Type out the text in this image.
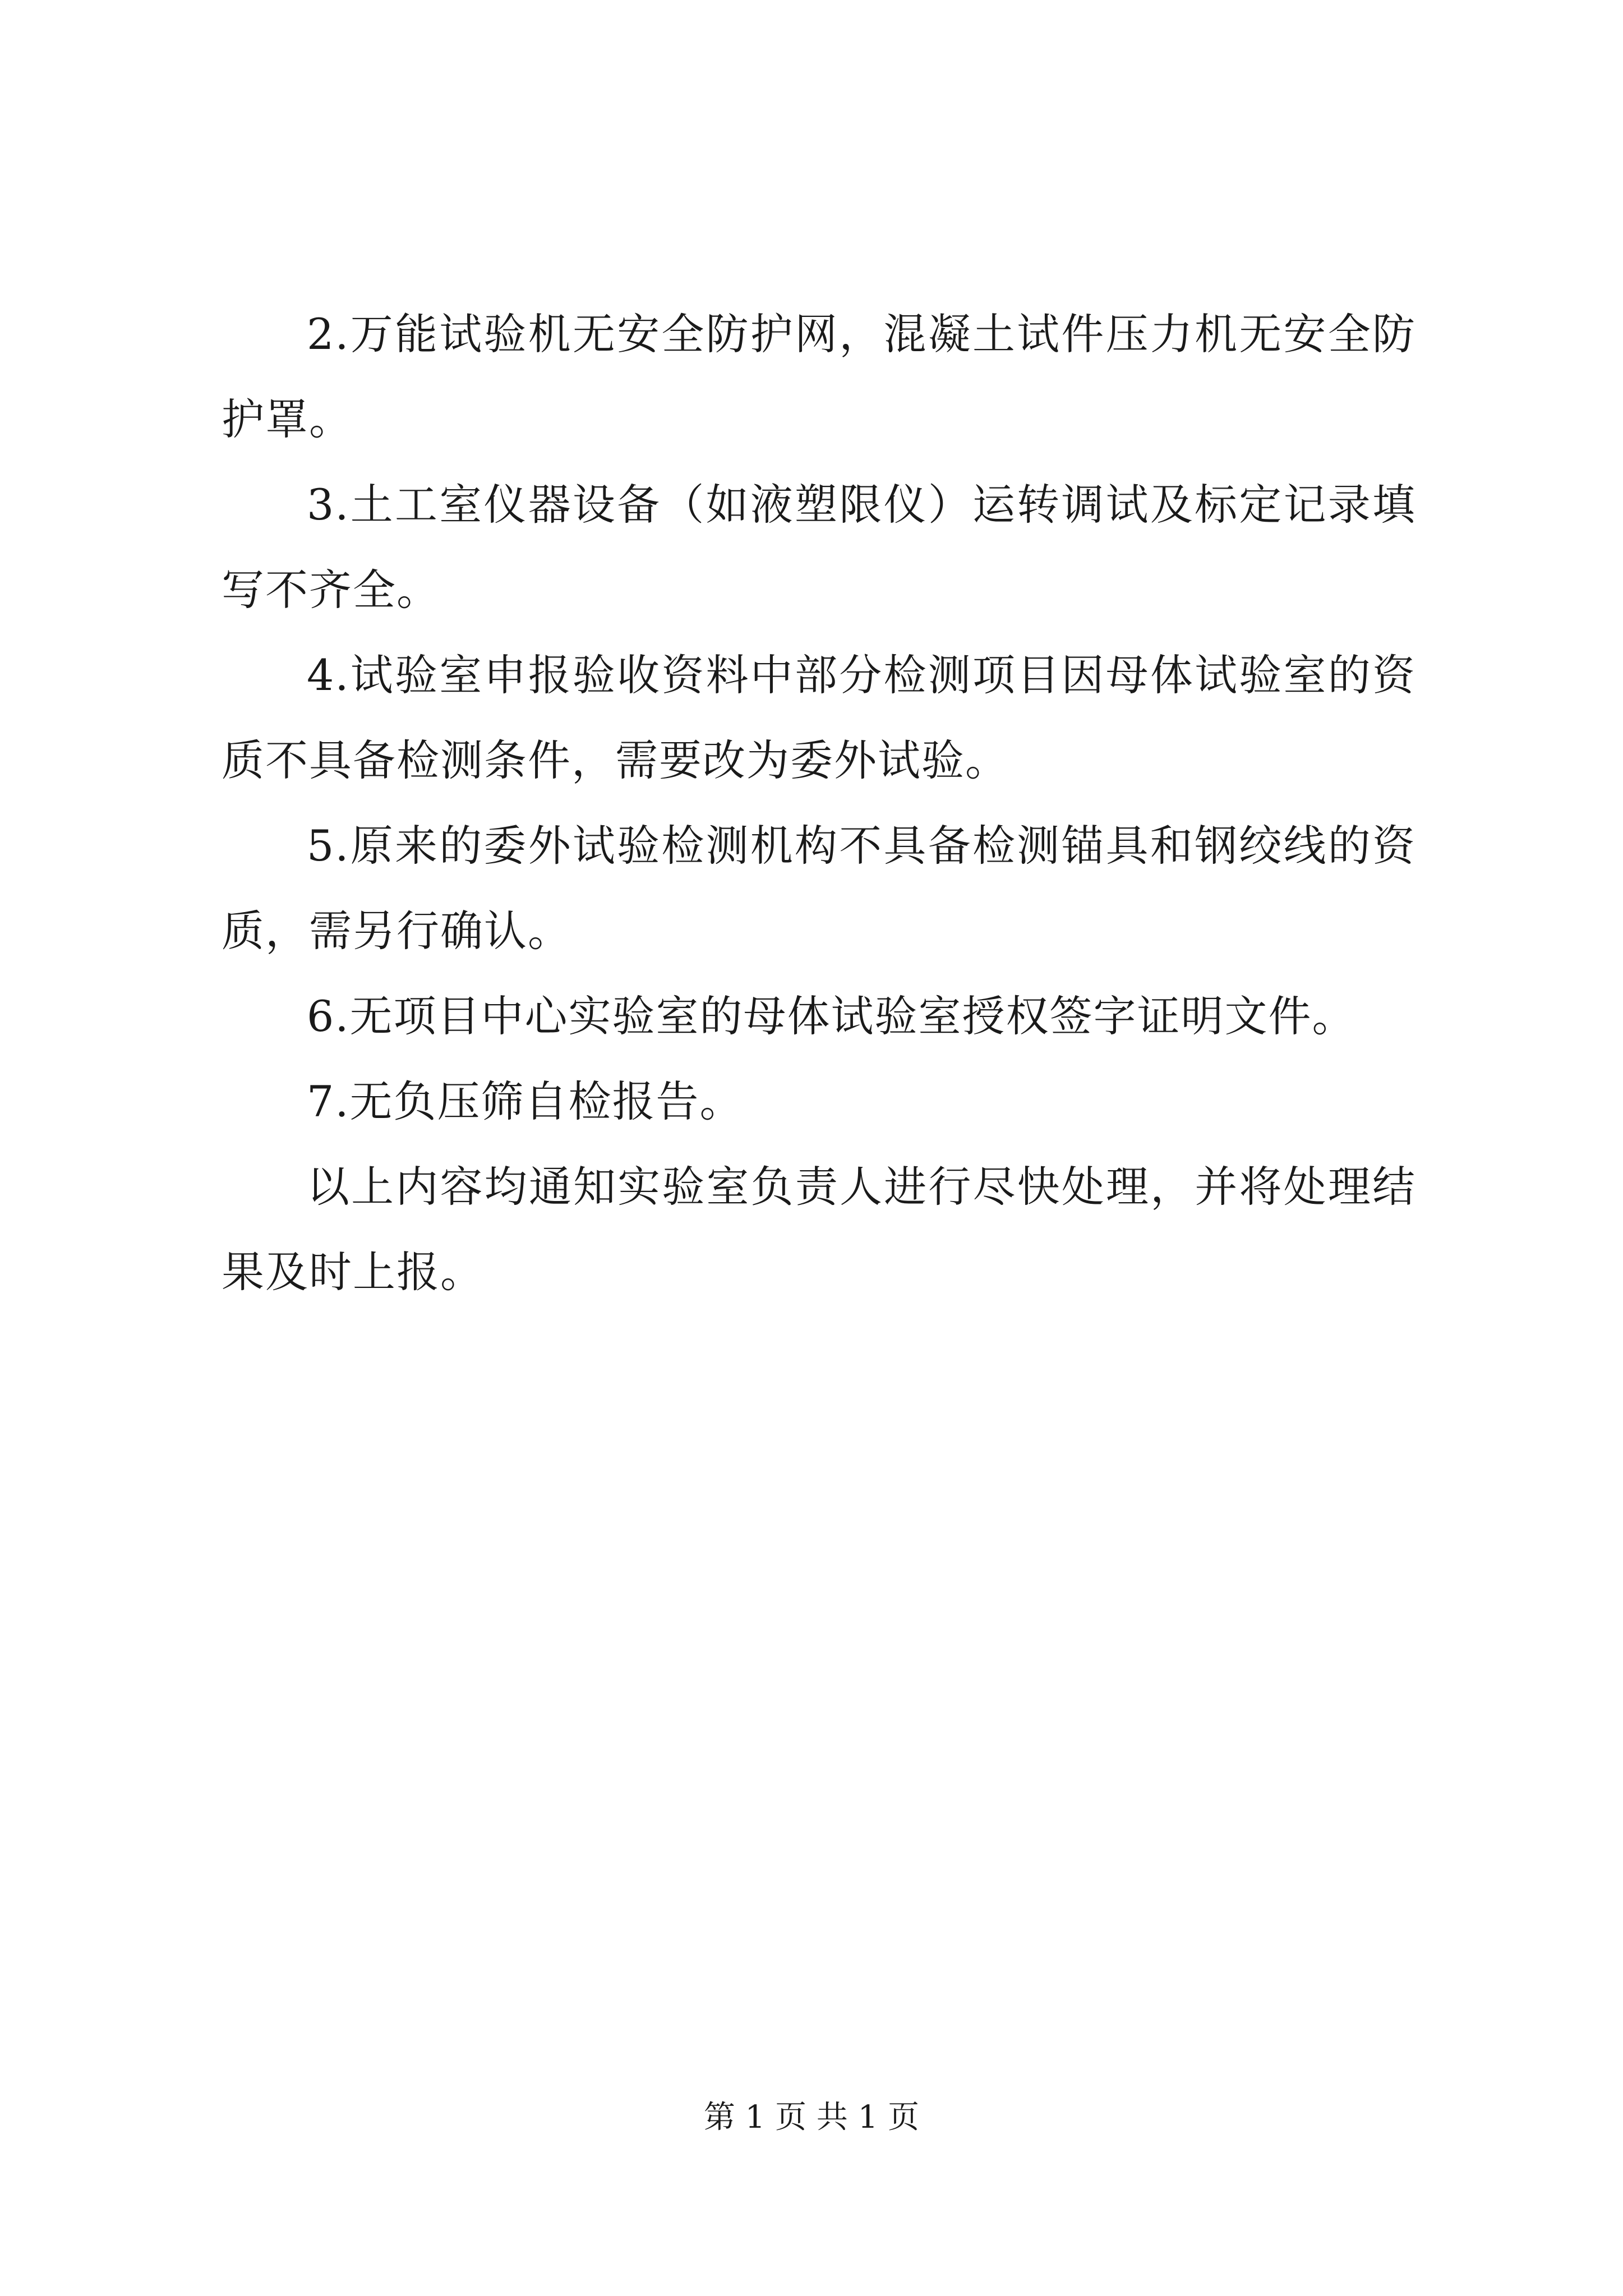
2.万能试验机无安全防护网，混凝土试件压力机无安全防护罩。

3.土工室仪器设备（如液塑限仪）运转调试及标定记录填写不齐全。

4.试验室申报验收资料中部分检测项目因母体试验室的资质不具备检测条件，需要改为委外试验。

5.原来的委外试验检测机构不具备检测锚具和钢绞线的资质，需另行确认。

6.无项目中心实验室的母体试验室授权签字证明文件。

7.无负压筛自检报告。

以上内容均通知实验室负责人进行尽快处理，并将处理结果及时上报。

第 1 页 共 1 页
